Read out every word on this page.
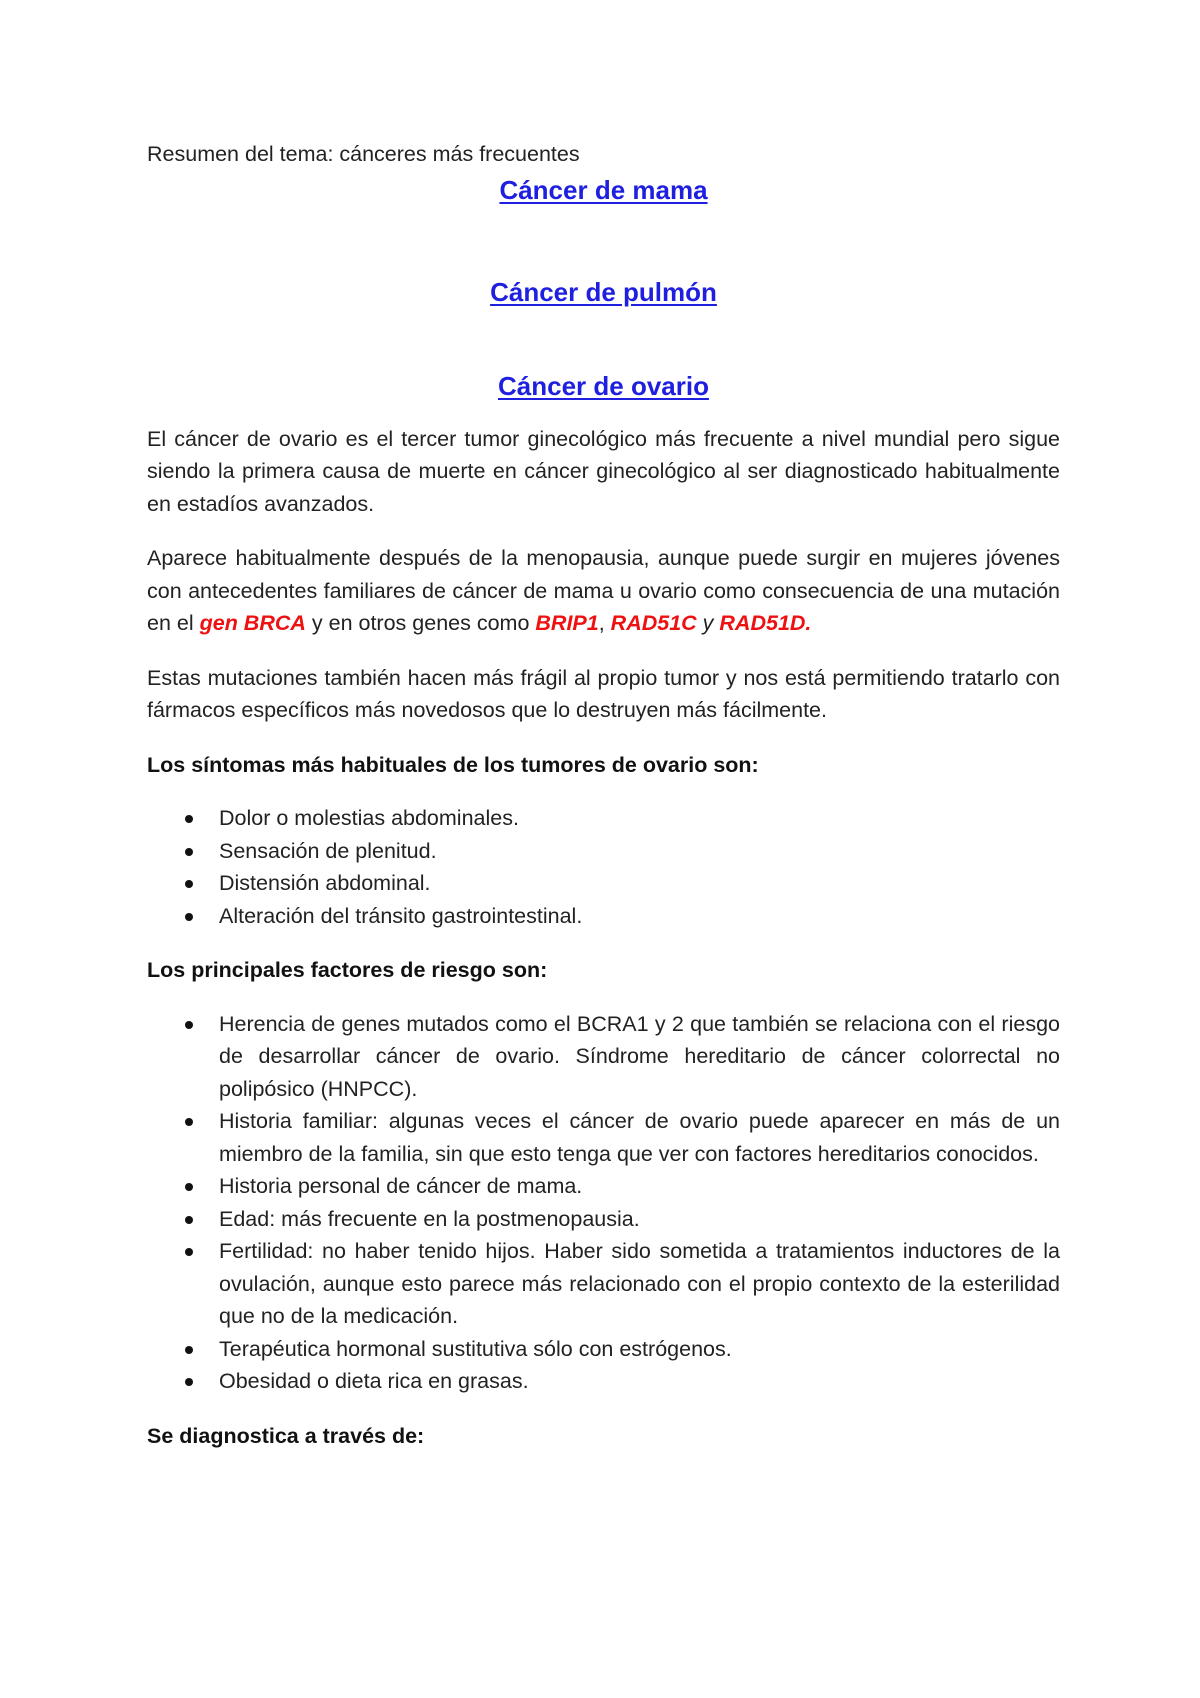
Resumen del tema: cánceres más frecuentes

Cáncer de mama
Cáncer de pulmón
Cáncer de ovario

El cáncer de ovario es el tercer tumor ginecológico más frecuente a nivel mundial pero sigue siendo la primera causa de muerte en cáncer ginecológico al ser diagnosticado habitualmente en estadíos avanzados.

Aparece habitualmente después de la menopausia, aunque puede surgir en mujeres jóvenes con antecedentes familiares de cáncer de mama u ovario como consecuencia de una mutación en el gen BRCA y en otros genes como BRIP1, RAD51C y RAD51D.

Estas mutaciones también hacen más frágil al propio tumor y nos está permitiendo tratarlo con fármacos específicos más novedosos que lo destruyen más fácilmente.

Los síntomas más habituales de los tumores de ovario son:

Dolor o molestias abdominales.
Sensación de plenitud.
Distensión abdominal.
Alteración del tránsito gastrointestinal.

Los principales factores de riesgo son:

Herencia de genes mutados como el BCRA1 y 2 que también se relaciona con el riesgo de desarrollar cáncer de ovario. Síndrome hereditario de cáncer colorrectal no polipósico (HNPCC).
Historia familiar: algunas veces el cáncer de ovario puede aparecer en más de un miembro de la familia, sin que esto tenga que ver con factores hereditarios conocidos.
Historia personal de cáncer de mama.
Edad: más frecuente en la postmenopausia.
Fertilidad: no haber tenido hijos. Haber sido sometida a tratamientos inductores de la ovulación, aunque esto parece más relacionado con el propio contexto de la esterilidad que no de la medicación.
Terapéutica hormonal sustitutiva sólo con estrógenos.
Obesidad o dieta rica en grasas.

Se diagnostica a través de:
